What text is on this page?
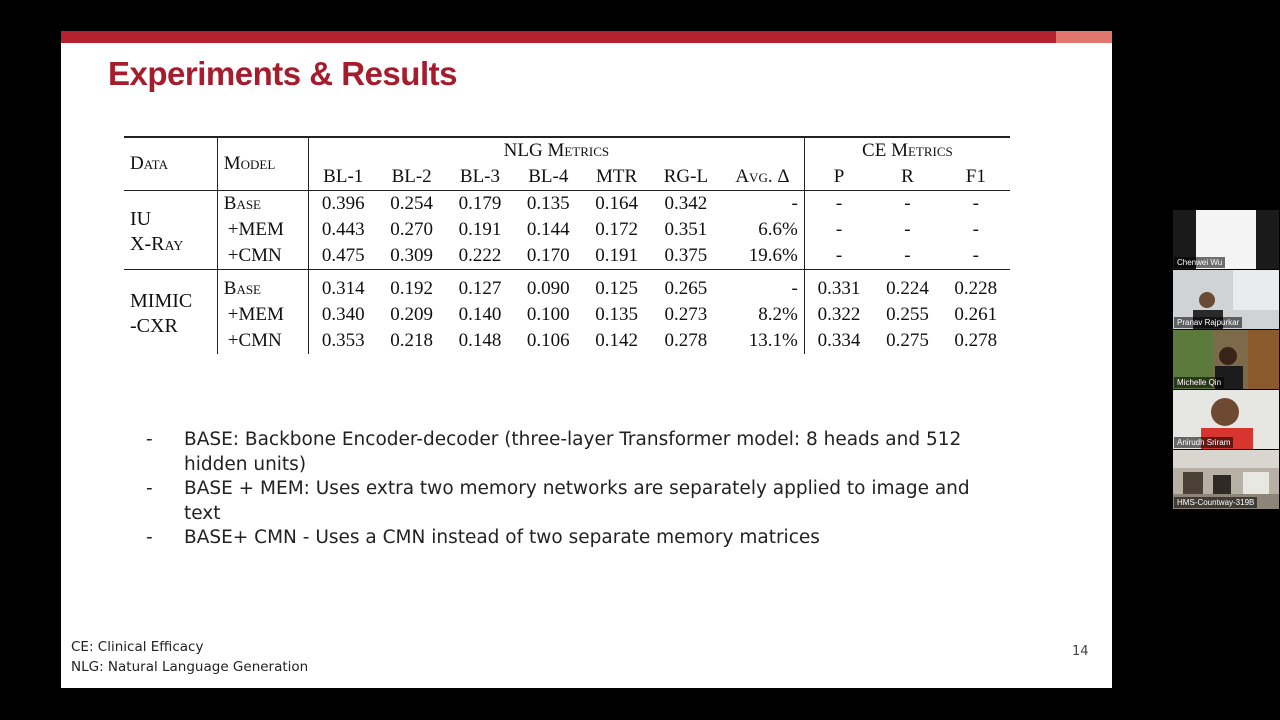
Experiments & Results
Data	Model	NLG Metrics							CE Metrics		
		BL-1	BL-2	BL-3	BL-4	MTR	RG-L	Avg. Δ	P	R	F1

IU
X-Ray	Base	0.396	0.254	0.179	0.135	0.164	0.342	-	-	-	-
	+MEM	0.443	0.270	0.191	0.144	0.172	0.351	6.6%	-	-	-
	+CMN	0.475	0.309	0.222	0.170	0.191	0.375	19.6%	-	-	-

MIMIC
-CXR	Base	0.314	0.192	0.127	0.090	0.125	0.265	-	0.331	0.224	0.228
	+MEM	0.340	0.209	0.140	0.100	0.135	0.273	8.2%	0.322	0.255	0.261
	+CMN	0.353	0.218	0.148	0.106	0.142	0.278	13.1%	0.334	0.275	0.278
- BASE: Backbone Encoder-decoder (three-layer Transformer model: 8 heads and 512 hidden units)
- BASE + MEM: Uses extra two memory networks are separately applied to image and text
- BASE+ CMN - Uses a CMN instead of two separate memory matrices
CE: Clinical Efficacy
NLG: Natural Language Generation
14
Chenwei Wu
Pranav Rajpurkar
Michelle Qin
Anirudh Sriram
HMS-Countway-319B
